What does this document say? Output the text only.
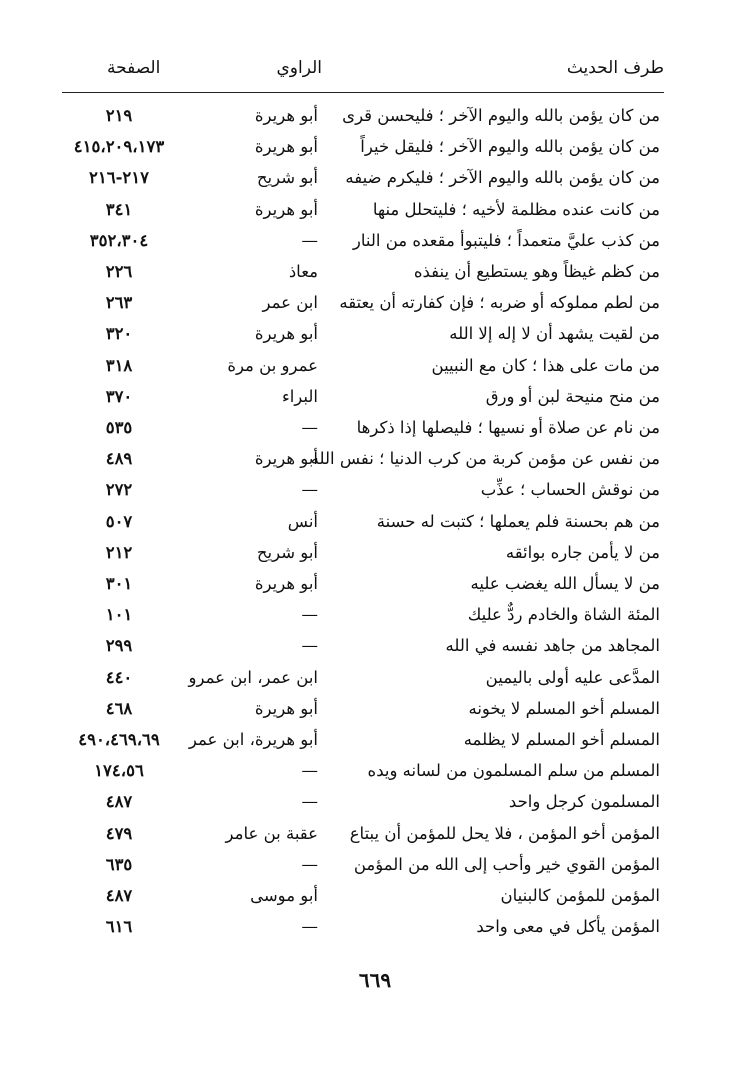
طرف الحديث
الراوي
الصفحة
من كان يؤمن بالله واليوم الآخر ؛ فليحسن قرى
أبو هريرة
٢١٩
من كان يؤمن بالله واليوم الآخر ؛ فليقل خيراً
أبو هريرة
٤١٥،٢٠٩،١٧٣
من كان يؤمن بالله واليوم الآخر ؛ فليكرم ضيفه
أبو شريح
٢١٧-٢١٦
من كانت عنده مظلمة لأخيه ؛ فليتحلل منها
أبو هريرة
٣٤١
من كذب عليَّ متعمداً ؛ فليتبوأ مقعده من النار
—
٣٥٢،٣٠٤
من كظم غيظاً وهو يستطيع أن ينفذه
معاذ
٢٢٦
من لطم مملوكه أو ضربه ؛ فإن كفارته أن يعتقه
ابن عمر
٢٦٣
من لقيت يشهد أن لا إله إلا الله
أبو هريرة
٣٢٠
من مات على هذا ؛ كان مع النبيين
عمرو بن مرة
٣١٨
من منح منيحة لبن أو ورق
البراء
٣٧٠
من نام عن صلاة أو نسيها ؛ فليصلها إذا ذكرها
—
٥٣٥
من نفس عن مؤمن كربة من كرب الدنيا ؛ نفس الله
أبو هريرة
٤٨٩
من نوقش الحساب ؛ عذِّب
—
٢٧٢
من هم بحسنة فلم يعملها ؛ كتبت له حسنة
أنس
٥٠٧
من لا يأمن جاره بوائقه
أبو شريح
٢١٢
من لا يسأل الله يغضب عليه
أبو هريرة
٣٠١
المئة الشاة والخادم ردٌّ عليك
—
١٠١
المجاهد من جاهد نفسه في الله
—
٢٩٩
المدَّعى عليه أولى باليمين
ابن عمر، ابن عمرو
٤٤٠
المسلم أخو المسلم لا يخونه
أبو هريرة
٤٦٨
المسلم أخو المسلم لا يظلمه
أبو هريرة، ابن عمر
٤٩٠،٤٦٩،٦٩
المسلم من سلم المسلمون من لسانه ويده
—
١٧٤،٥٦
المسلمون كرجل واحد
—
٤٨٧
المؤمن أخو المؤمن ، فلا يحل للمؤمن أن يبتاع
عقبة بن عامر
٤٧٩
المؤمن القوي خير وأحب إلى الله من المؤمن
—
٦٣٥
المؤمن للمؤمن كالبنيان
أبو موسى
٤٨٧
المؤمن يأكل في معى واحد
—
٦١٦
٦٦٩
